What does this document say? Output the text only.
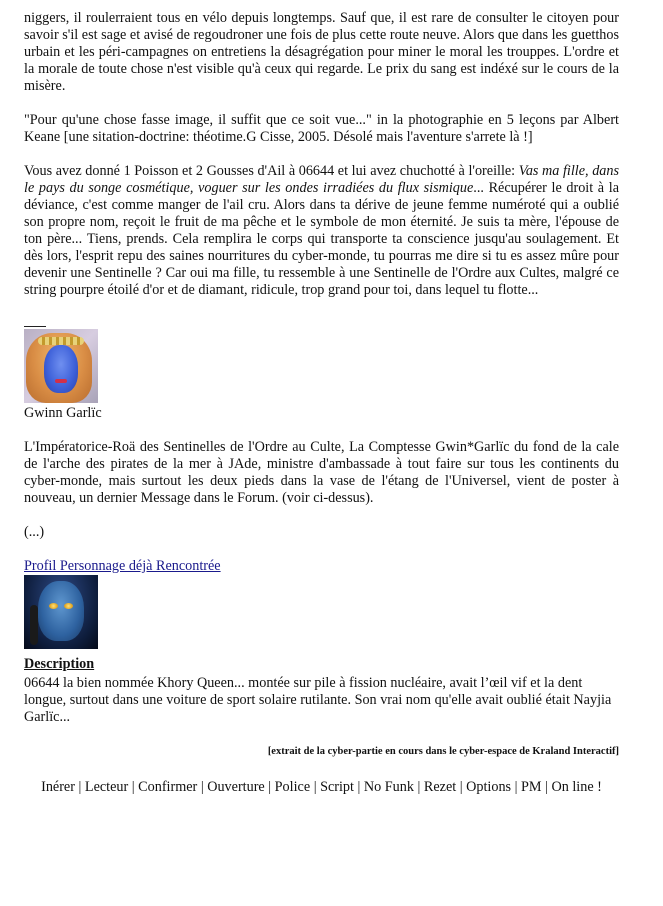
niggers, il roulerraient tous en vélo depuis longtemps. Sauf que, il est rare de consulter le citoyen pour savoir s'il est sage et avisé de regoudroner une fois de plus cette route neuve. Alors que dans les guetthos urbain et les péri-campagnes on entretiens la désagrégation pour miner le moral les trouppes. L'ordre et la morale de toute chose n'est visible qu'à ceux qui regarde. Le prix du sang est indéxé sur le cours de la misère.

"Pour qu'une chose fasse image, il suffit que ce soit vue..." in la photographie en 5 leçons par Albert Keane [une sitation-doctrine: théotime.G Cisse, 2005. Désolé mais l'aventure s'arrete là !]

Vous avez donné 1 Poisson et 2 Gousses d'Ail à 06644 et lui avez chuchotté à l'oreille: Vas ma fille, dans le pays du songe cosmétique, voguer sur les ondes irradiées du flux sismique... Récupérer le droit à la déviance, c'est comme manger de l'ail cru. Alors dans ta dérive de jeune femme numéroté qui a oublié son propre nom, reçoit le fruit de ma pêche et le symbole de mon éternité. Je suis ta mère, l'épouse de ton père... Tiens, prends. Cela remplira le corps qui transporte ta conscience jusqu'au soulagement. Et dès lors, l'esprit repu des saines nourritures du cyber-monde, tu pourras me dire si tu es assez mûre pour devenir une Sentinelle ? Car oui ma fille, tu ressemble à une Sentinelle de l'Ordre aux Cultes, malgré ce string pourpre étoilé d'or et de diamant, ridicule, trop grand pour toi, dans lequel tu flotte...

Gwinn Garlïc

L'Impératorice-Roä des Sentinelles de l'Ordre au Culte, La Comptesse Gwin*Garlïc du fond de la cale de l'arche des pirates de la mer à JAde, ministre d'ambassade à tout faire sur tous les continents du cyber-monde, mais surtout les deux pieds dans la vase de l'étang de l'Universel, vient de poster à nouveau, un dernier Message dans le Forum. (voir ci-dessus).

(...)

Profil Personnage déjà Rencontrée
Description

06644 la bien nommée Khory Queen... montée sur pile à fission nucléaire, avait l’œil vif et la dent longue, surtout dans une voiture de sport solaire rutilante. Son vrai nom qu'elle avait oublié était Nayjia Garlïc...

[extrait de la cyber-partie en cours dans le cyber-espace de Kraland Interactif]
Inérer | Lecteur | Confirmer | Ouverture | Police | Script | No Funk | Rezet | Options | PM | On line !
